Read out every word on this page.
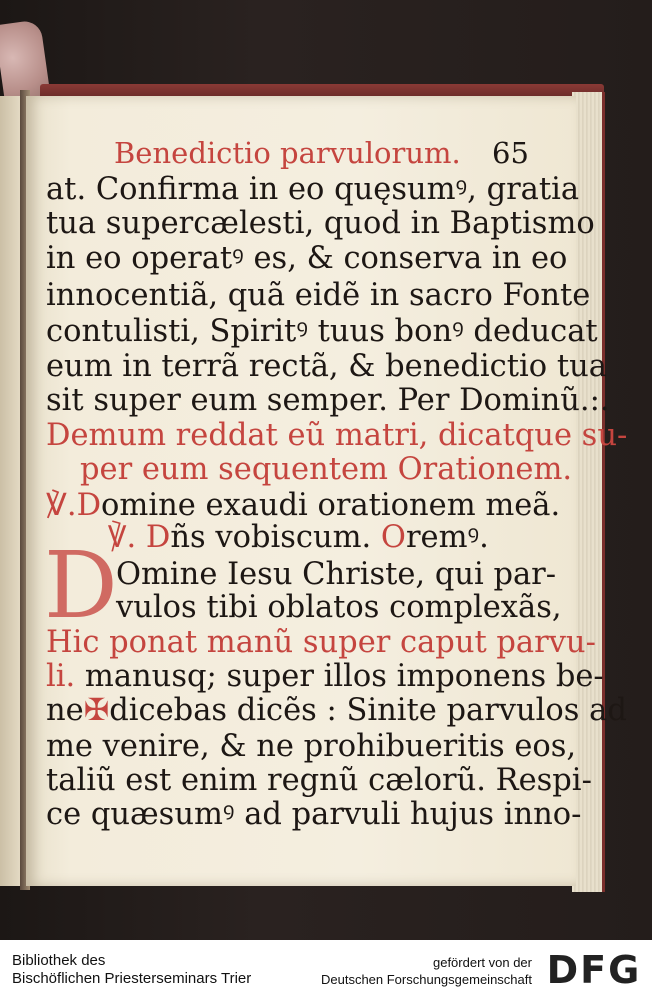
Benedictio parvulorum. 65
at. Confirma in eo quęsumꝰ, gratia
tua supercælesti, quod in Baptismo
in eo operatꝰ es, & conserva in eo
innocentiã, quã eidẽ in sacro Fonte
contulisti, Spiritꝰ tuus bonꝰ deducat
eum in terrã rectã, & benedictio tua
sit super eum semper. Per Dominũ.:.
Demum reddat eũ matri, dicatque su-
per eum sequentem Orationem.
℣.Domine exaudi orationem meã.
℣. Dñs vobiscum. Oremꝰ.
D
Omine Iesu Christe, qui par-
vulos tibi oblatos complexãs,
Hic ponat manũ super caput parvu-
li. manusq; super illos imponens be-
ne✠dicebas dicẽs : Sinite parvulos ad
me venire, & ne prohibueritis eos,
taliũ est enim regnũ cælorũ. Respi-
ce quæsumꝰ ad parvuli hujus inno-
Bibliothek des
Bischöflichen Priesterseminars Trier
gefördert von der
Deutschen Forschungsgemeinschaft DFG
